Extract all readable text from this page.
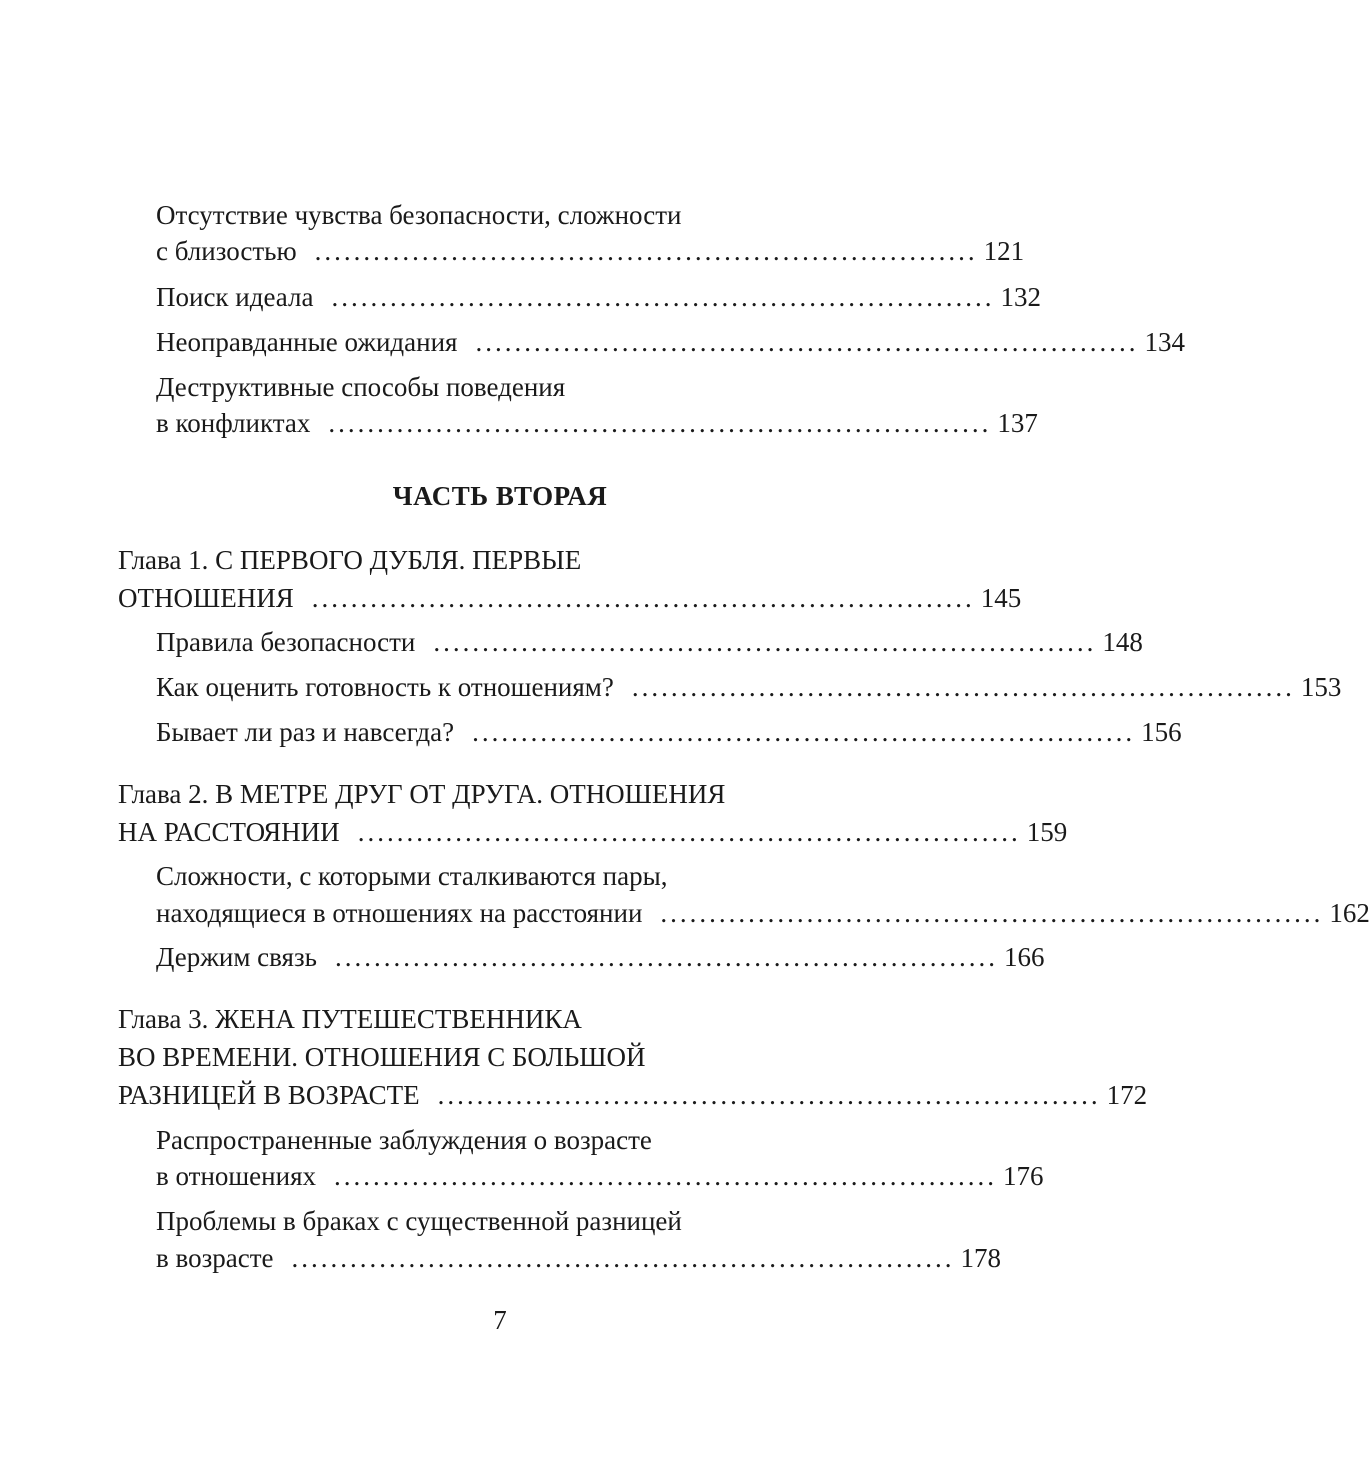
Отсутствие чувства безопасности, сложности
с близостью .................................................................... 121
Поиск идеала .................................................................... 132
Неоправданные ожидания .................................................................... 134
Деструктивные способы поведения
в конфликтах .................................................................... 137
Глава 1. С ПЕРВОГО ДУБЛЯ. ПЕРВЫЕ
ОТНОШЕНИЯ .................................................................... 145
Правила безопасности .................................................................... 148
Как оценить готовность к отношениям? .................................................................... 153
Бывает ли раз и навсегда? .................................................................... 156
Глава 2. В МЕТРЕ ДРУГ ОТ ДРУГА. ОТНОШЕНИЯ
НА РАССТОЯНИИ .................................................................... 159
Сложности, с которыми сталкиваются пары,
находящиеся в отношениях на расстоянии .................................................................... 162
Держим связь .................................................................... 166
Глава 3. ЖЕНА ПУТЕШЕСТВЕННИКА
ВО ВРЕМЕНИ. ОТНОШЕНИЯ С БОЛЬШОЙ
РАЗНИЦЕЙ В ВОЗРАСТЕ .................................................................... 172
Распространенные заблуждения о возрасте
в отношениях .................................................................... 176
Проблемы в браках с существенной разницей
в возрасте .................................................................... 178
ЧАСТЬ ВТОРАЯ
7
